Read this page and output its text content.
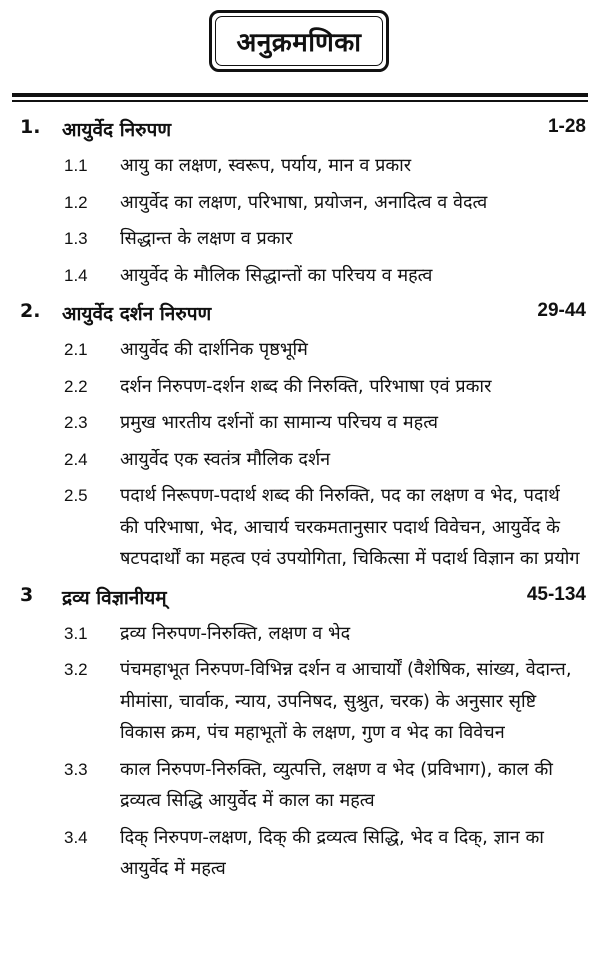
अनुक्रमणिका
1. आयुर्वेद निरुपण	1-28
1.1 आयु का लक्षण, स्वरूप, पर्याय, मान व प्रकार
1.2 आयुर्वेद का लक्षण, परिभाषा, प्रयोजन, अनादित्व व वेदत्व
1.3 सिद्धान्त के लक्षण व प्रकार
1.4 आयुर्वेद के मौलिक सिद्धान्तों का परिचय व महत्व
2. आयुर्वेद दर्शन निरुपण	29-44
2.1 आयुर्वेद की दार्शनिक पृष्ठभूमि
2.2 दर्शन निरुपण-दर्शन शब्द की निरुक्ति, परिभाषा एवं प्रकार
2.3 प्रमुख भारतीय दर्शनों का सामान्य परिचय व महत्व
2.4 आयुर्वेद एक स्वतंत्र मौलिक दर्शन
2.5 पदार्थ निरूपण-पदार्थ शब्द की निरुक्ति, पद का लक्षण व भेद, पदार्थ की परिभाषा, भेद, आचार्य चरकमतानुसार पदार्थ विवेचन, आयुर्वेद के षटपदार्थों का महत्व एवं उपयोगिता, चिकित्सा में पदार्थ विज्ञान का प्रयोग
3 द्रव्य विज्ञानीयम्	45-134
3.1 द्रव्य निरुपण-निरुक्ति, लक्षण व भेद
3.2 पंचमहाभूत निरुपण-विभिन्न दर्शन व आचार्यों (वैशेषिक, सांख्य, वेदान्त, मीमांसा, चार्वाक, न्याय, उपनिषद, सुश्रुत, चरक) के अनुसार सृष्टि विकास क्रम, पंच महाभूतों के लक्षण, गुण व भेद का विवेचन
3.3 काल निरुपण-निरुक्ति, व्युत्पत्ति, लक्षण व भेद (प्रविभाग), काल की द्रव्यत्व सिद्धि आयुर्वेद में काल का महत्व
3.4 दिक् निरुपण-लक्षण, दिक् की द्रव्यत्व सिद्धि, भेद व दिक्, ज्ञान का आयुर्वेद में महत्व
